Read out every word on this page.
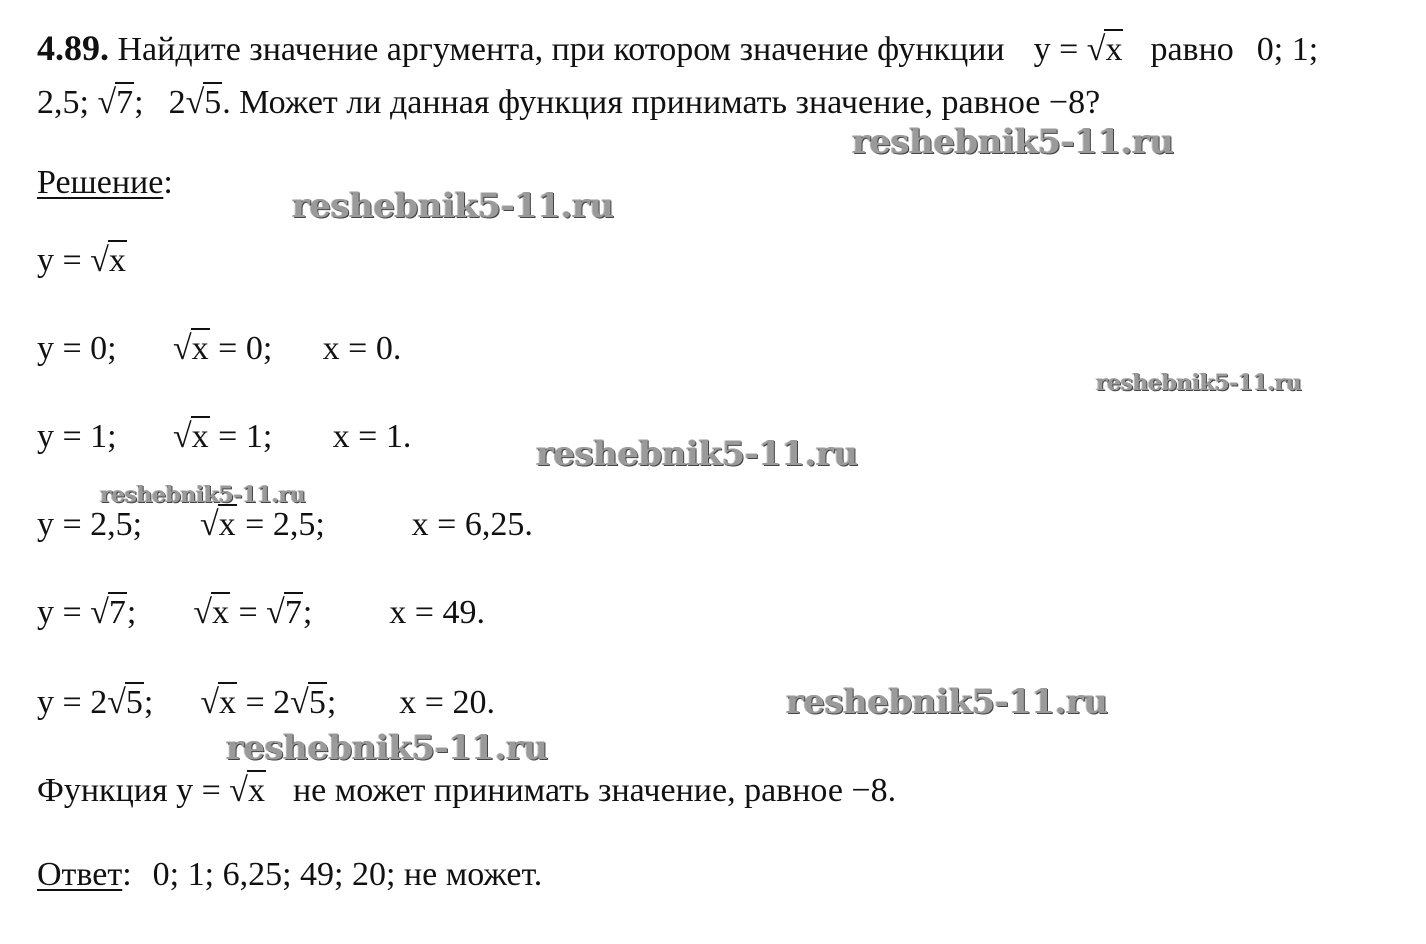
4.89. Найдите значение аргумента, при котором значение функции y = √x равно 0; 1;
2,5; √7; 2√5. Может ли данная функция принимать значение, равное −8?
Решение:
y = √x
y = 0; √x = 0; x = 0.
y = 1; √x = 1; x = 1.
y = 2,5; √x = 2,5;	x = 6,25.
y = √7; √x = √7; x = 49.
y = 2√5; √x = 2√5; x = 20.
Функция y = √x не может принимать значение, равное −8.
Ответ: 0; 1; 6,25; 49; 20; не может.
reshebnik5-11.ru
reshebnik5-11.ru
reshebnik5-11.ru
reshebnik5-11.ru
reshebnik5-11.ru
reshebnik5-11.ru
reshebnik5-11.ru
